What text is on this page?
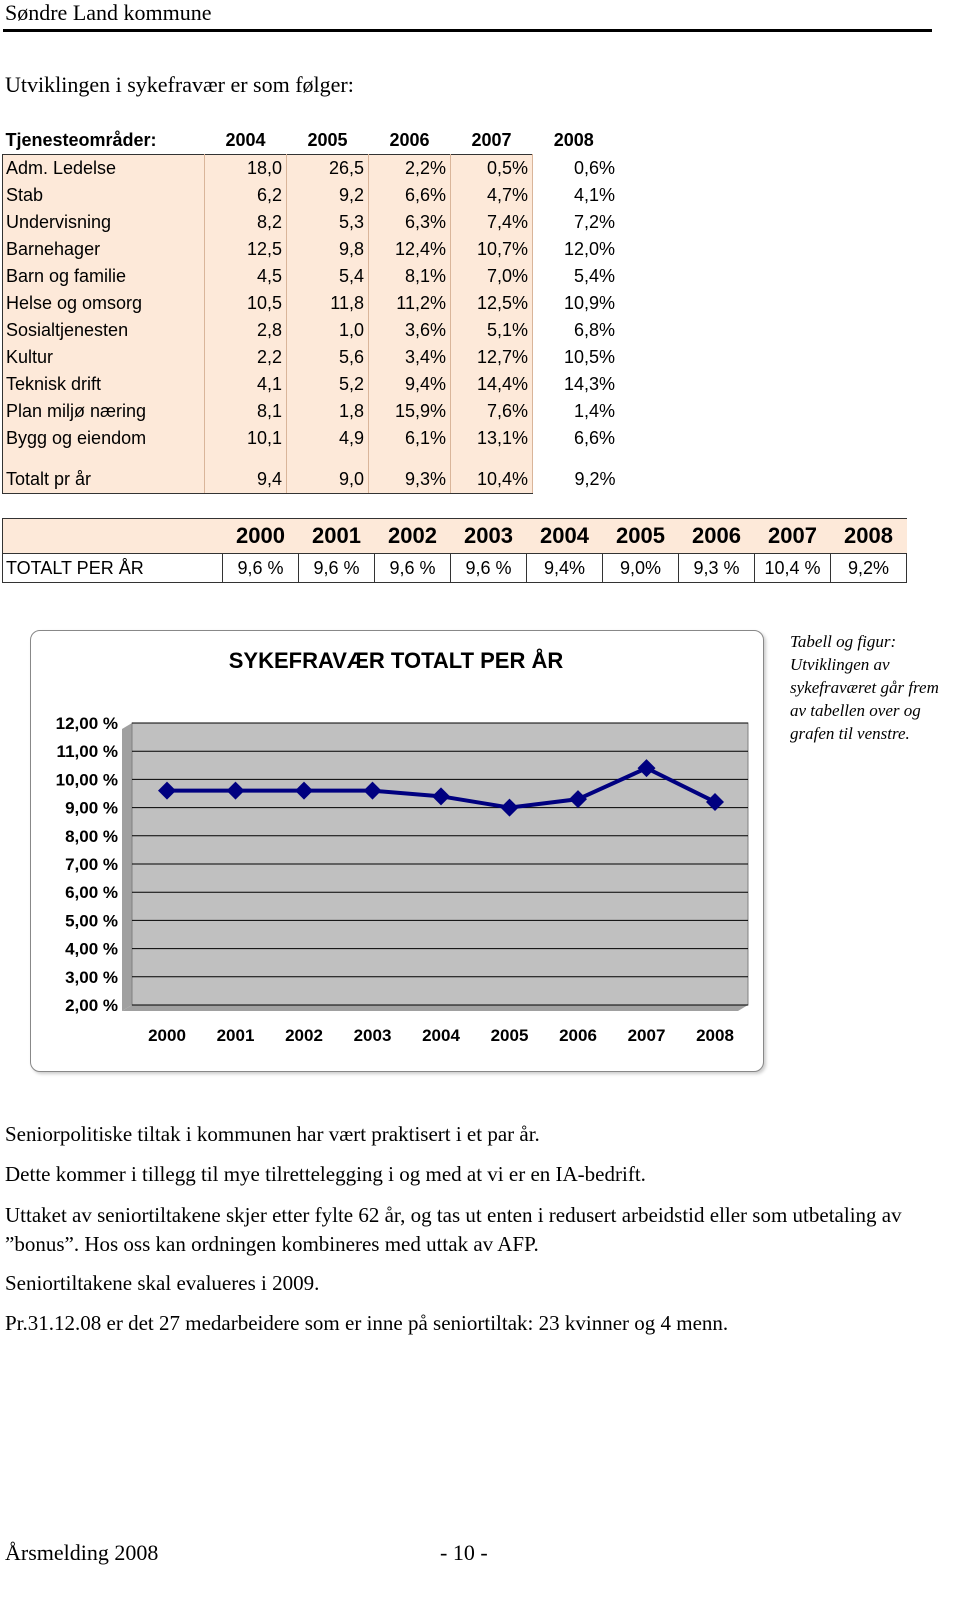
Søndre Land kommune
Utviklingen i sykefravær er som følger:
Tjenesteområder:	2004	2005	2006	2007	2008
Adm. Ledelse	18,0	26,5	2,2%	0,5%	0,6%
Stab	6,2	9,2	6,6%	4,7%	4,1%
Undervisning	8,2	5,3	6,3%	7,4%	7,2%
Barnehager	12,5	9,8	12,4%	10,7%	12,0%
Barn og familie	4,5	5,4	8,1%	7,0%	5,4%
Helse og omsorg	10,5	11,8	11,2%	12,5%	10,9%
Sosialtjenesten	2,8	1,0	3,6%	5,1%	6,8%
Kultur	2,2	5,6	3,4%	12,7%	10,5%
Teknisk drift	4,1	5,2	9,4%	14,4%	14,3%
Plan miljø næring	8,1	1,8	15,9%	7,6%	1,4%
Bygg og eiendom	10,1	4,9	6,1%	13,1%	6,6%

Totalt pr år	9,4	9,0	9,3%	10,4%	9,2%
	2000	2001	2002	2003	2004	2005	2006	2007	2008
TOTALT PER ÅR	9,6 %	9,6 %	9,6 %	9,6 %	9,4%	9,0%	9,3 %	10,4 %	9,2%
SYKEFRAVÆR TOTALT PER ÅR
12,00 %
11,00 %
10,00 %
9,00 %
8,00 %
7,00 %
6,00 %
5,00 %
4,00 %
3,00 %
2,00 %
2000 2001 2002 2003 2004 2005 2006 2007 2008
Tabell og figur: Utviklingen av sykefraværet går frem av tabellen over og grafen til venstre.
Seniorpolitiske tiltak i kommunen har vært praktisert i et par år.
Dette kommer i tillegg til mye tilrettelegging i og med at vi er en IA-bedrift.
Uttaket av seniortiltakene skjer etter fylte 62 år, og tas ut enten i redusert arbeidstid eller som utbetaling av ”bonus”. Hos oss kan ordningen kombineres med uttak av AFP.
Seniortiltakene skal evalueres i 2009.
Pr.31.12.08 er det 27 medarbeidere som er inne på seniortiltak: 23 kvinner og 4 menn.
Årsmelding 2008	- 10 -
